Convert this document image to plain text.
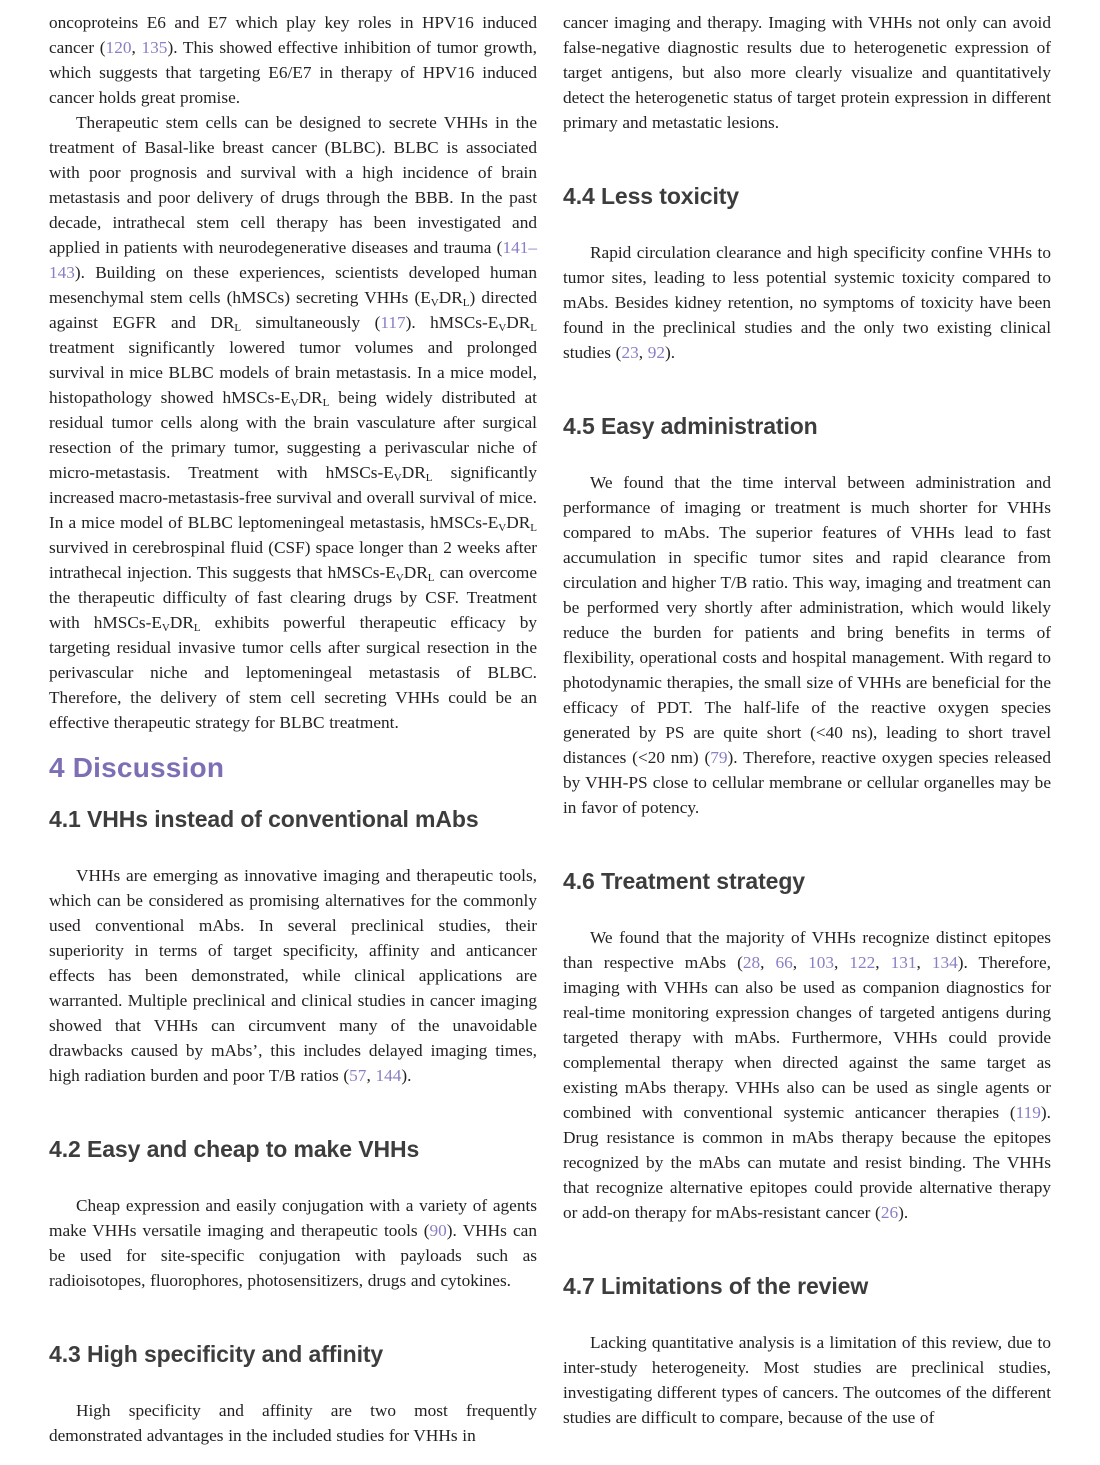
oncoproteins E6 and E7 which play key roles in HPV16 induced cancer (120, 135). This showed effective inhibition of tumor growth, which suggests that targeting E6/E7 in therapy of HPV16 induced cancer holds great promise.

Therapeutic stem cells can be designed to secrete VHHs in the treatment of Basal-like breast cancer (BLBC). BLBC is associated with poor prognosis and survival with a high incidence of brain metastasis and poor delivery of drugs through the BBB. In the past decade, intrathecal stem cell therapy has been investigated and applied in patients with neurodegenerative diseases and trauma (141–143). Building on these experiences, scientists developed human mesenchymal stem cells (hMSCs) secreting VHHs $(E_VDR_L)$ directed against EGFR and $DR_L$ simultaneously (117). hMSCs-$E_VDR_L$ treatment significantly lowered tumor volumes and prolonged survival in mice BLBC models of brain metastasis. In a mice model, histopathology showed hMSCs-$E_VDR_L$ being widely distributed at residual tumor cells along with the brain vasculature after surgical resection of the primary tumor, suggesting a perivascular niche of micro-metastasis. Treatment with hMSCs-$E_VDR_L$ significantly increased macro-metastasis-free survival and overall survival of mice. In a mice model of BLBC leptomeningeal metastasis, hMSCs-$E_VDR_L$ survived in cerebrospinal fluid (CSF) space longer than 2 weeks after intrathecal injection. This suggests that hMSCs-$E_VDR_L$ can overcome the therapeutic difficulty of fast clearing drugs by CSF. Treatment with hMSCs-$E_VDR_L$ exhibits powerful therapeutic efficacy by targeting residual invasive tumor cells after surgical resection in the perivascular niche and leptomeningeal metastasis of BLBC. Therefore, the delivery of stem cell secreting VHHs could be an effective therapeutic strategy for BLBC treatment.

4 Discussion
4.1 VHHs instead of conventional mAbs

VHHs are emerging as innovative imaging and therapeutic tools, which can be considered as promising alternatives for the commonly used conventional mAbs. In several preclinical studies, their superiority in terms of target specificity, affinity and anticancer effects has been demonstrated, while clinical applications are warranted. Multiple preclinical and clinical studies in cancer imaging showed that VHHs can circumvent many of the unavoidable drawbacks caused by mAbs’, this includes delayed imaging times, high radiation burden and poor T/B ratios (57, 144).

4.2 Easy and cheap to make VHHs

Cheap expression and easily conjugation with a variety of agents make VHHs versatile imaging and therapeutic tools (90). VHHs can be used for site-specific conjugation with payloads such as radioisotopes, fluorophores, photosensitizers, drugs and cytokines.

4.3 High specificity and affinity

High specificity and affinity are two most frequently demonstrated advantages in the included studies for VHHs in

cancer imaging and therapy. Imaging with VHHs not only can avoid false-negative diagnostic results due to heterogenetic expression of target antigens, but also more clearly visualize and quantitatively detect the heterogenetic status of target protein expression in different primary and metastatic lesions.

4.4 Less toxicity

Rapid circulation clearance and high specificity confine VHHs to tumor sites, leading to less potential systemic toxicity compared to mAbs. Besides kidney retention, no symptoms of toxicity have been found in the preclinical studies and the only two existing clinical studies (23, 92).

4.5 Easy administration

We found that the time interval between administration and performance of imaging or treatment is much shorter for VHHs compared to mAbs. The superior features of VHHs lead to fast accumulation in specific tumor sites and rapid clearance from circulation and higher T/B ratio. This way, imaging and treatment can be performed very shortly after administration, which would likely reduce the burden for patients and bring benefits in terms of flexibility, operational costs and hospital management. With regard to photodynamic therapies, the small size of VHHs are beneficial for the efficacy of PDT. The half-life of the reactive oxygen species generated by PS are quite short (<40 ns), leading to short travel distances (<20 nm) (79). Therefore, reactive oxygen species released by VHH-PS close to cellular membrane or cellular organelles may be in favor of potency.

4.6 Treatment strategy

We found that the majority of VHHs recognize distinct epitopes than respective mAbs (28, 66, 103, 122, 131, 134). Therefore, imaging with VHHs can also be used as companion diagnostics for real-time monitoring expression changes of targeted antigens during targeted therapy with mAbs. Furthermore, VHHs could provide complemental therapy when directed against the same target as existing mAbs therapy. VHHs also can be used as single agents or combined with conventional systemic anticancer therapies (119). Drug resistance is common in mAbs therapy because the epitopes recognized by the mAbs can mutate and resist binding. The VHHs that recognize alternative epitopes could provide alternative therapy or add-on therapy for mAbs-resistant cancer (26).

4.7 Limitations of the review

Lacking quantitative analysis is a limitation of this review, due to inter-study heterogeneity. Most studies are preclinical studies, investigating different types of cancers. The outcomes of the different studies are difficult to compare, because of the use of
